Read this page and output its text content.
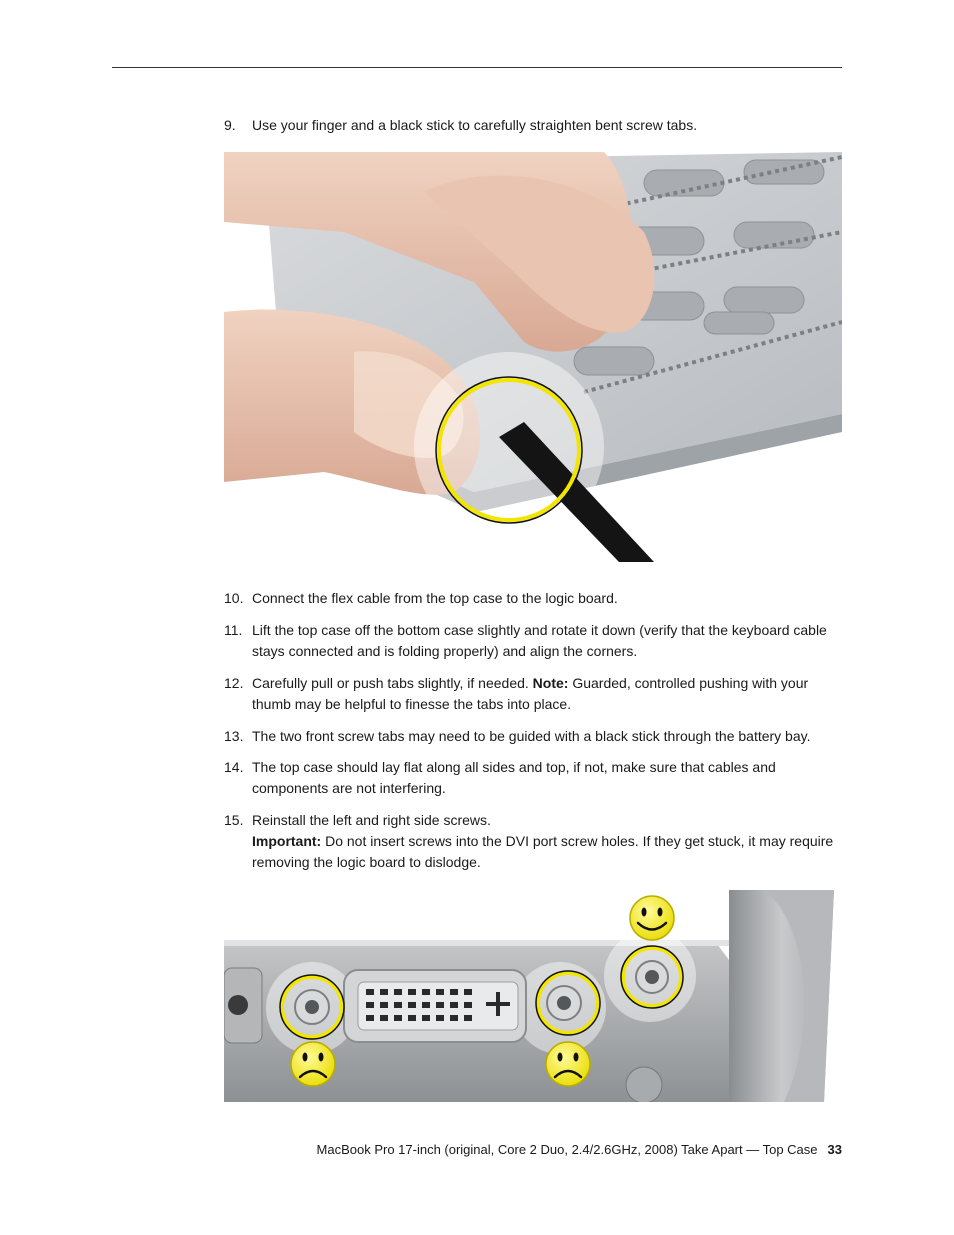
9. Use your finger and a black stick to carefully straighten bent screw tabs.
10. Connect the flex cable from the top case to the logic board.
11. Lift the top case off the bottom case slightly and rotate it down (verify that the keyboard cable stays connected and is folding properly) and align the corners.
12. Carefully pull or push tabs slightly, if needed. Note: Guarded, controlled pushing with your thumb may be helpful to finesse the tabs into place.
13. The two front screw tabs may need to be guided with a black stick through the battery bay.
14. The top case should lay flat along all sides and top, if not, make sure that cables and components are not interfering.
15. Reinstall the left and right side screws.
Important: Do not insert screws into the DVI port screw holes. If they get stuck, it may require removing the logic board to dislodge.
MacBook Pro 17-inch (original, Core 2 Duo, 2.4/2.6GHz, 2008) Take Apart — Top Case 33
